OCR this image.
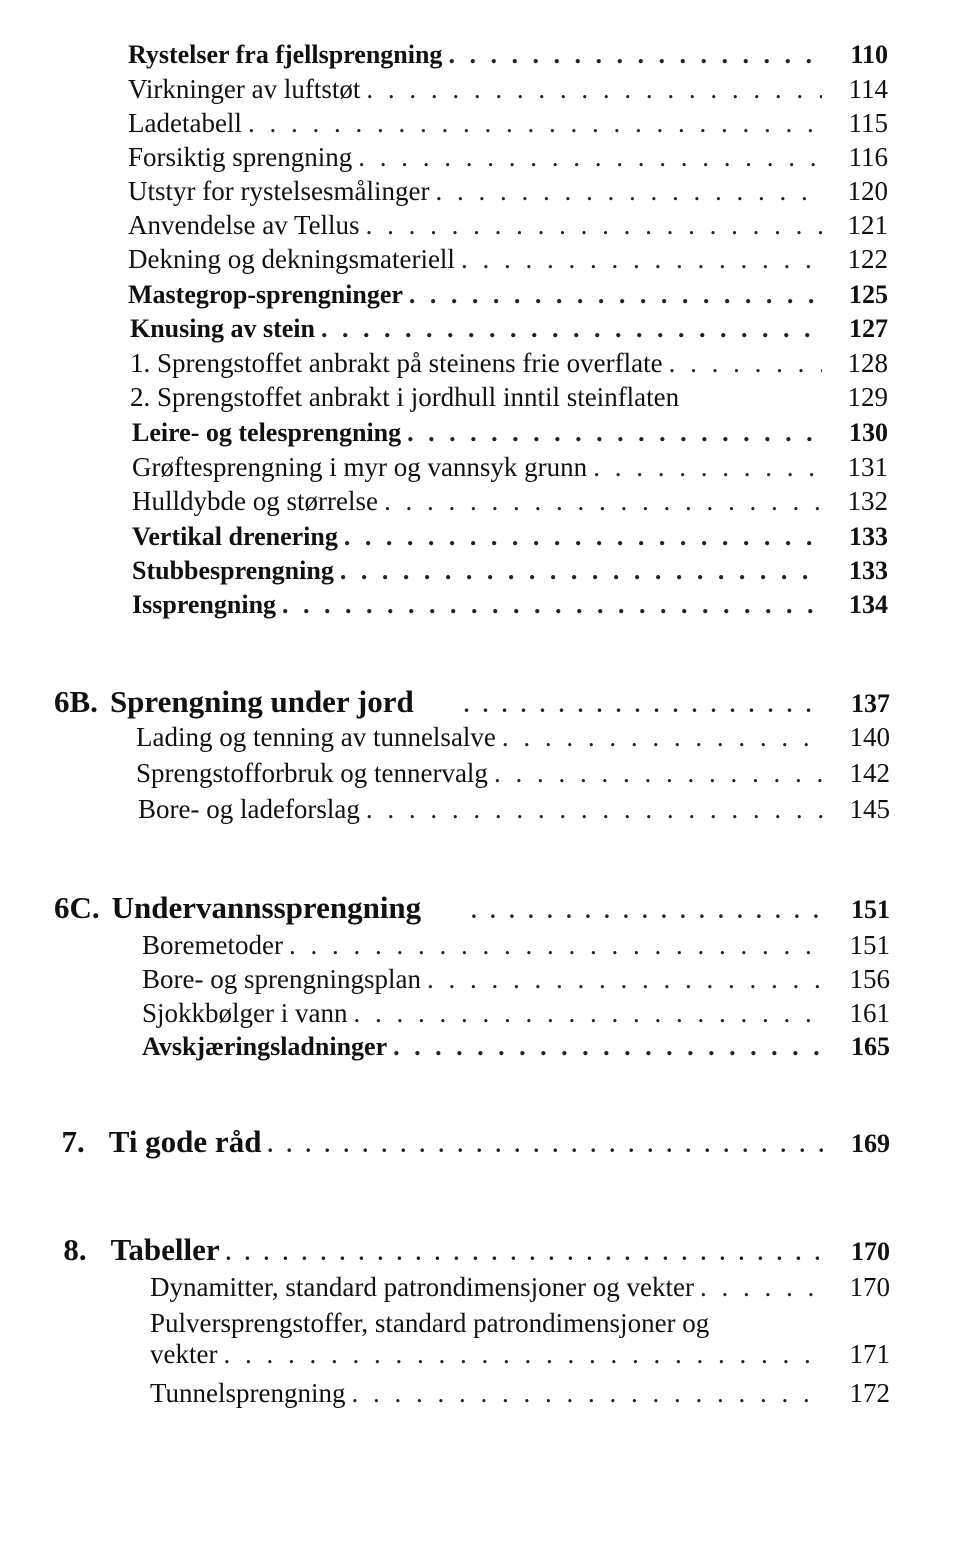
Rystelser fra fjellsprengning . . .	110
Virkninger av luftstøt . . .	114
Ladetabell . . .	115
Forsiktig sprengning . . .	116
Utstyr for rystelsesmålinger . . .	120
Anvendelse av Tellus . . .	121
Dekning og dekningsmateriell . . .	122
Mastegrop-sprengninger . . .	125
Knusing av stein . . .	127
1. Sprengstoffet anbrakt på steinens frie overflate . . .	128
2. Sprengstoffet anbrakt i jordhull inntil steinflaten	129
Leire- og telesprengning . . .	130
Grøftesprengning i myr og vannsyk grunn . . .	131
Hulldybde og størrelse . . .	132
Vertikal drenering . . .	133
Stubbesprengning . . .	133
Issprengning . . .	134
6B. Sprengning under jord . . .	137
Lading og tenning av tunnelsalve . . .	140
Sprengstofforbruk og tennervalg . . .	142
Bore- og ladeforslag . . .	145
6C. Undervannssprengning . . .	151
Boremetoder . . .	151
Bore- og sprengningsplan . . .	156
Sjokkbølger i vann . . .	161
Avskjæringsladninger . . .	165
7. Ti gode råd . . .	169
8. Tabeller . . .	170
Dynamitter, standard patrondimensjoner og vekter . . .	170
Pulversprengstoffer, standard patrondimensjoner og
vekter . . .	171
Tunnelsprengning . . .	172
